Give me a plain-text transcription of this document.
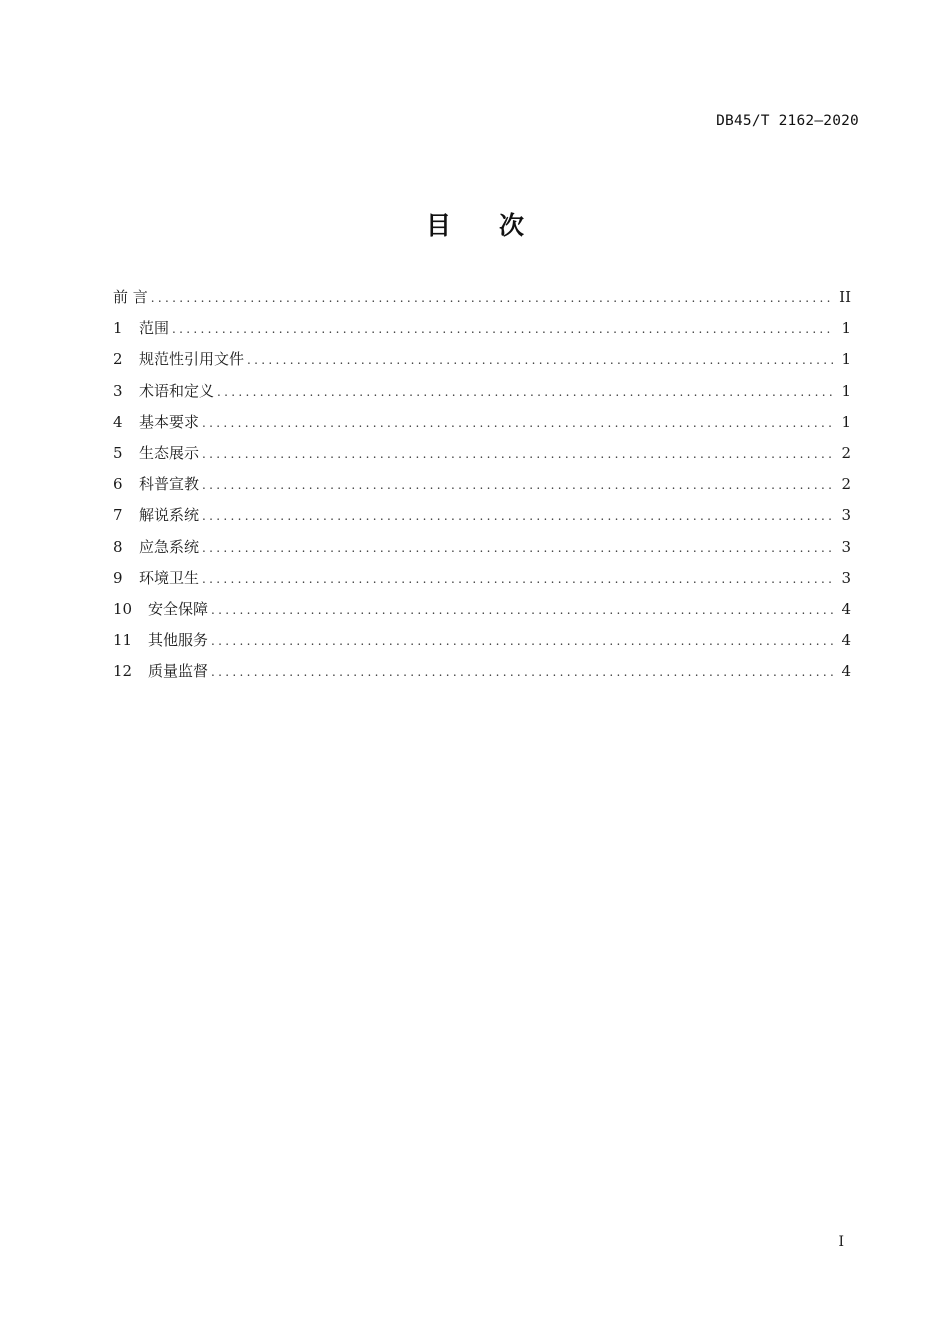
DB45/T 2162—2020
目 次
前 言 .....	II
1	范围 .....	1
2	规范性引用文件 .....	1
3	术语和定义 .....	1
4	基本要求 .....	1
5	生态展示 .....	2
6	科普宣教 .....	2
7	解说系统 .....	3
8	应急系统 .....	3
9	环境卫生 .....	3
10	安全保障 .....	4
11	其他服务 .....	4
12	质量监督 .....	4
I
